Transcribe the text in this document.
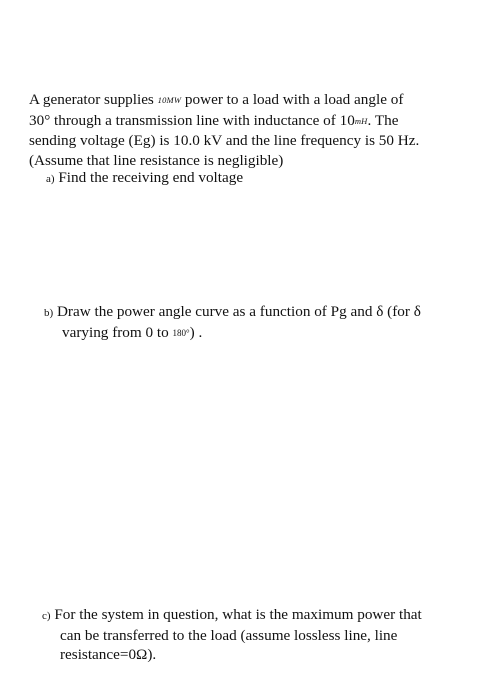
A generator supplies 10MW power to a load with a load angle of
30° through a transmission line with inductance of 10mH. The
sending voltage (Eg) is 10.0 kV and the line frequency is 50 Hz.
(Assume that line resistance is negligible)
a) Find the receiving end voltage
b) Draw the power angle curve as a function of Pg and δ (for δ
varying from 0 to 180°) .
c) For the system in question, what is the maximum power that
can be transferred to the load (assume lossless line, line
resistance=0Ω).
